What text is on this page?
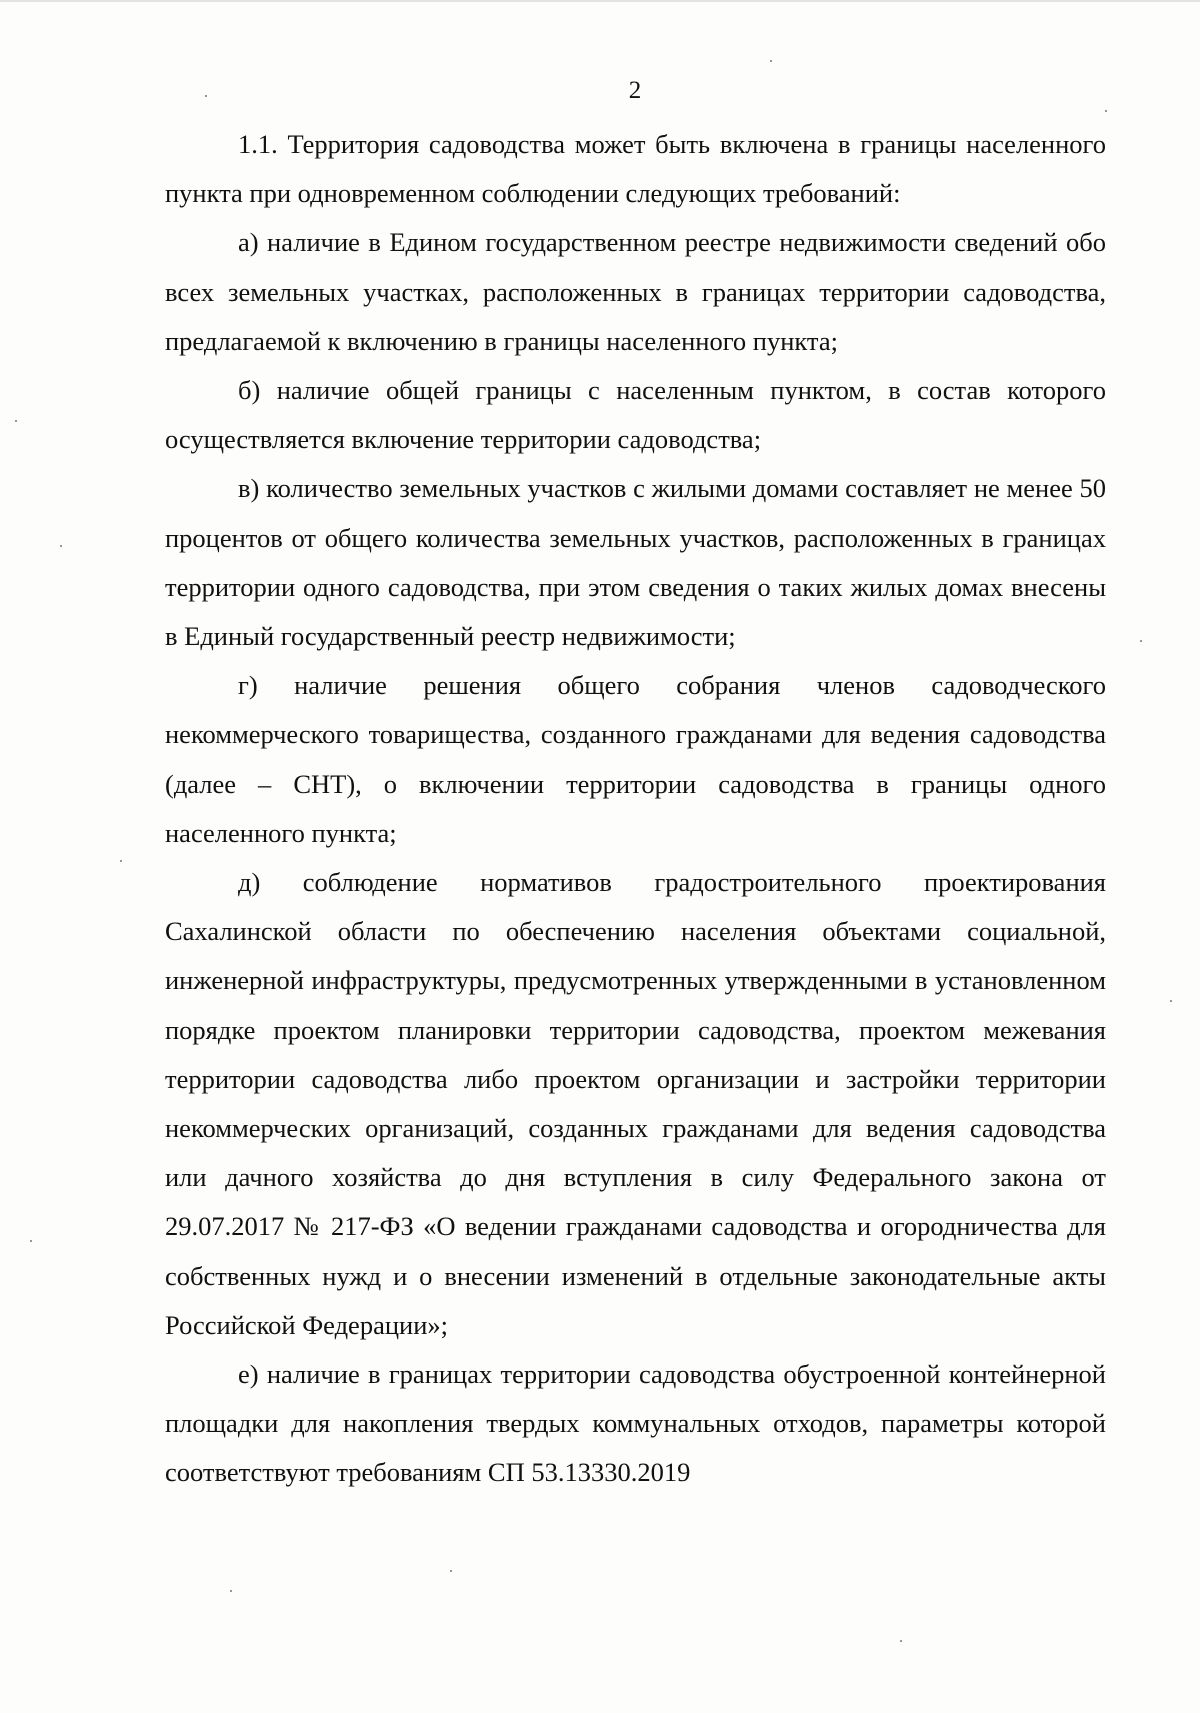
2

1.1. Территория садоводства может быть включена в границы населенного пункта при одновременном соблюдении следующих требований:

а) наличие в Едином государственном реестре недвижимости сведений обо всех земельных участках, расположенных в границах территории садоводства, предлагаемой к включению в границы населенного пункта;

б) наличие общей границы с населенным пунктом, в состав которого осуществляется включение территории садоводства;

в) количество земельных участков с жилыми домами составляет не менее 50 процентов от общего количества земельных участков, расположенных в границах территории одного садоводства, при этом сведения о таких жилых домах внесены в Единый государственный реестр недвижимости;

г) наличие решения общего собрания членов садоводческого некоммерческого товарищества, созданного гражданами для ведения садоводства (далее – СНТ), о включении территории садоводства в границы одного населенного пункта;

д) соблюдение нормативов градостроительного проектирования Сахалинской области по обеспечению населения объектами социальной, инженерной инфраструктуры, предусмотренных утвержденными в установленном порядке проектом планировки территории садоводства, проектом межевания территории садоводства либо проектом организации и застройки территории некоммерческих организаций, созданных гражданами для ведения садоводства или дачного хозяйства до дня вступления в силу Федерального закона от 29.07.2017 № 217-ФЗ «О ведении гражданами садоводства и огородничества для собственных нужд и о внесении изменений в отдельные законодательные акты Российской Федерации»;

е) наличие в границах территории садоводства обустроенной контейнерной площадки для накопления твердых коммунальных отходов, параметры которой соответствуют требованиям СП 53.13330.2019
